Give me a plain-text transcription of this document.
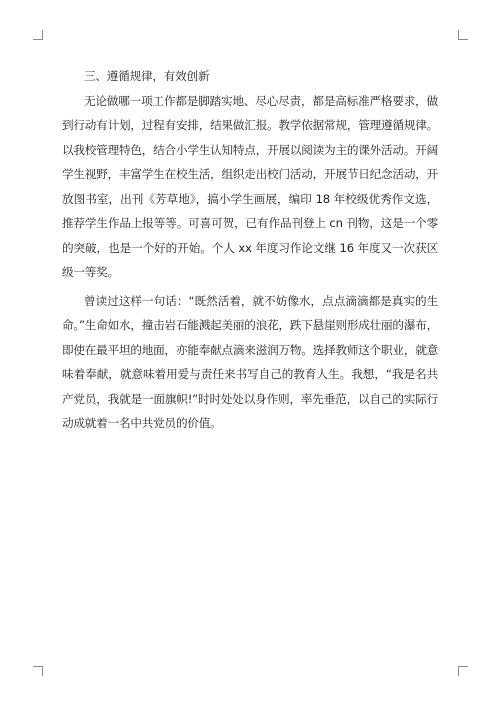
三、遵循规律，有效创新

无论做哪一项工作都是脚踏实地、尽心尽责，都是高标准严格要求，做到行动有计划，过程有安排，结果做汇报。教学依据常规，管理遵循规律。以我校管理特色，结合小学生认知特点，开展以阅读为主的课外活动。开阔学生视野，丰富学生在校生活，组织走出校门活动，开展节日纪念活动，开放图书室，出刊《芳草地》，搞小学生画展，编印 18 年校级优秀作文选，推荐学生作品上报等等。可喜可贺，已有作品刊登上 cn 刊物，这是一个零的突破，也是一个好的开始。个人 xx 年度习作论文继 16 年度又一次获区级一等奖。

曾读过这样一句话：“既然活着，就不妨像水，点点滴滴都是真实的生命。”生命如水，撞击岩石能溅起美丽的浪花，跌下悬崖则形成壮丽的瀑布，即使在最平坦的地面，亦能奉献点滴来滋润万物。选择教师这个职业，就意味着奉献，就意味着用爱与责任来书写自己的教育人生。我想，“我是名共产党员，我就是一面旗帜!”时时处处以身作则，率先垂范，以自己的实际行动成就着一名中共党员的价值。
